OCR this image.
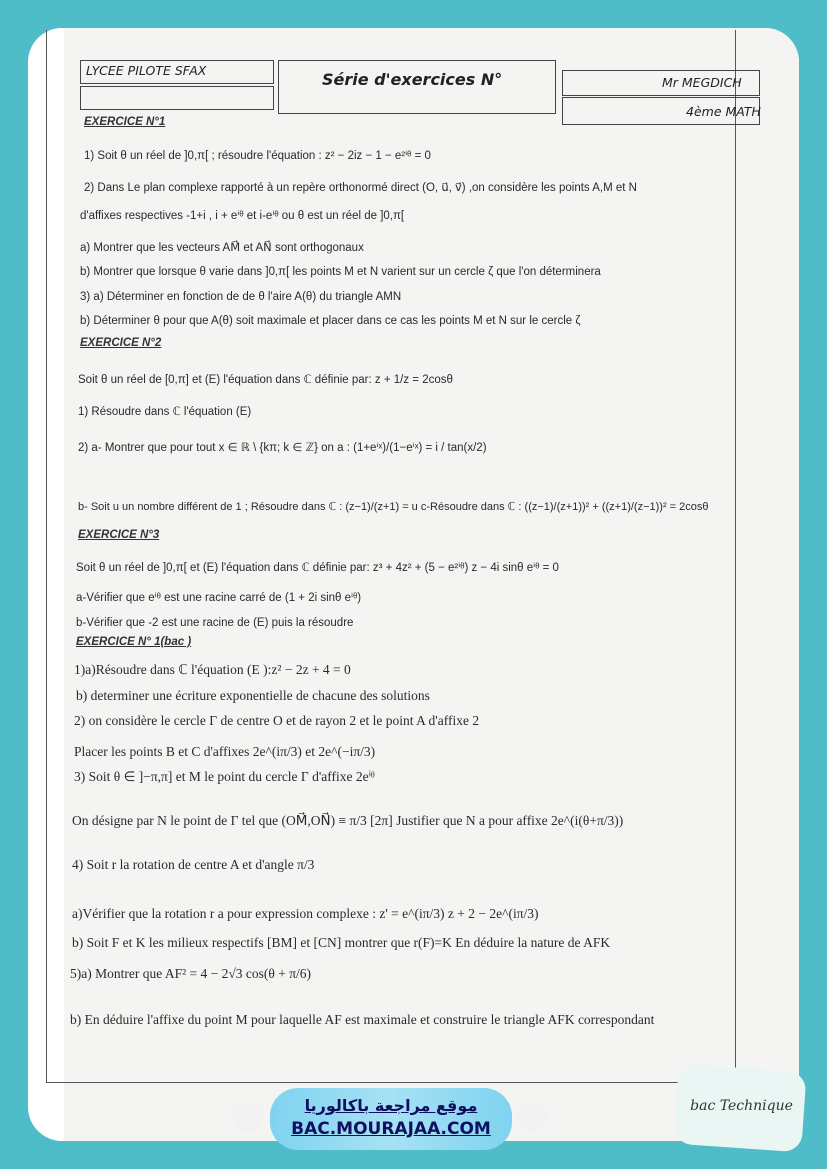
LYCEE PILOTE SFAX	Série d'exercices N°	Mr MEGDICH
4ème MATH
EXERCICE N°1
1) Soit θ un réel de ]0,π[ ; résoudre l'équation : z² − 2iz − 1 − e²ⁱᶿ = 0
2) Dans Le plan complexe rapporté à un repère orthonormé direct (O, u⃗, v⃗) ,on considère les points A,M et N
d'affixes respectives -1+i , i + eⁱᶿ et i-eⁱᶿ ou θ est un réel de ]0,π[
a) Montrer que les vecteurs AM⃗ et AN⃗ sont orthogonaux
b) Montrer que lorsque θ varie dans ]0,π[ les points M et N varient sur un cercle ζ que l'on déterminera
3) a) Déterminer en fonction de de θ l'aire A(θ) du triangle AMN
b) Déterminer θ pour que A(θ) soit maximale et placer dans ce cas les points M et N sur le cercle ζ
EXERCICE N°2
Soit θ un réel de [0,π] et (E) l'équation dans ℂ définie par: z + 1/z = 2cosθ
1) Résoudre dans ℂ l'équation (E)
2) a- Montrer que pour tout x ∈ ℝ \ {kπ; k ∈ ℤ} on a : (1+eⁱˣ)/(1−eⁱˣ) = i / tan(x/2)
b- Soit u un nombre différent de 1 ; Résoudre dans ℂ : (z−1)/(z+1) = u c-Résoudre dans ℂ : ((z−1)/(z+1))² + ((z+1)/(z−1))² = 2cosθ
EXERCICE N°3
Soit θ un réel de ]0,π[ et (E) l'équation dans ℂ définie par: z³ + 4z² + (5 − e²ⁱᶿ) z − 4i sinθ eⁱᶿ = 0
a-Vérifier que eⁱᶿ est une racine carré de (1 + 2i sinθ eⁱᶿ)
b-Vérifier que -2 est une racine de (E) puis la résoudre
EXERCICE N° 1(bac )
1)a)Résoudre dans ℂ l'équation (E ):z² − 2z + 4 = 0
b) determiner une écriture exponentielle de chacune des solutions
2) on considère le cercle Γ de centre O et de rayon 2 et le point A d'affixe 2
Placer les points B et C d'affixes 2e^(iπ/3) et 2e^(−iπ/3)
3) Soit θ ∈ ]−π,π] et M le point du cercle Γ d'affixe 2eⁱᶿ
On désigne par N le point de Γ tel que (OM⃗,ON⃗) ≡ π/3 [2π] Justifier que N a pour affixe 2e^(i(θ+π/3))
4) Soit r la rotation de centre A et d'angle π/3
a)Vérifier que la rotation r a pour expression complexe : z' = e^(iπ/3) z + 2 − 2e^(iπ/3)
b) Soit F et K les milieux respectifs [BM] et [CN] montrer que r(F)=K En déduire la nature de AFK
5)a) Montrer que AF² = 4 − 2√3 cos(θ + π/6)
b) En déduire l'affixe du point M pour laquelle AF est maximale et construire le triangle AFK correspondant
موقع مراجعة باكالوريا
BAC.MOURAJAA.COM
bac Technique
